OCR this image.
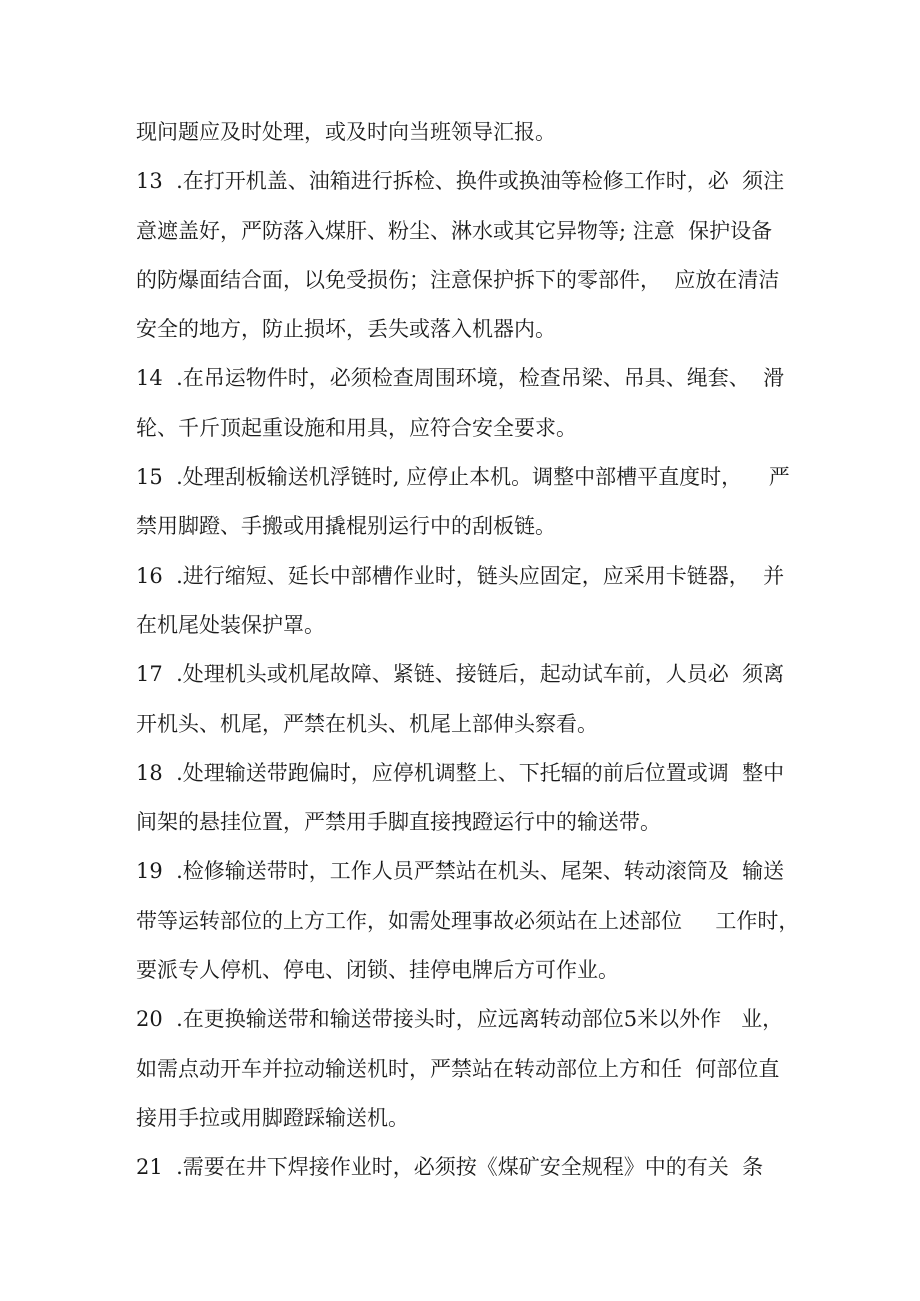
现问题应及时处理，或及时向当班领导汇报。
13  .在打开机盖、油箱进行拆检、换件或换油等检修工作时，必  须注
意遮盖好，严防落入煤肝、粉尘、淋水或其它异物等; 注意  保护设备
的防爆面结合面，以免受损伤；注意保护拆下的零部件，  应放在清洁
安全的地方，防止损坏，丢失或落入机器内。
14  .在吊运物件时，必须检查周围环境，检查吊梁、吊具、绳套、  滑
轮、千斤顶起重设施和用具，应符合安全要求。
15  .处理刮板输送机浮链时, 应停止本机。调整中部槽平直度时，    严
禁用脚蹬、手搬或用撬棍别运行中的刮板链。
16  .进行缩短、延长中部槽作业时，链头应固定，应采用卡链器，  并
在机尾处装保护罩。
17  .处理机头或机尾故障、紧链、接链后，起动试车前，人员必  须离
开机头、机尾，严禁在机头、机尾上部伸头察看。
18  .处理输送带跑偏时，应停机调整上、下托辐的前后位置或调  整中
间架的悬挂位置，严禁用手脚直接拽蹬运行中的输送带。
19  .检修输送带时，工作人员严禁站在机头、尾架、转动滚筒及  输送
带等运转部位的上方工作，如需处理事故必须站在上述部位     工作时，
要派专人停机、停电、闭锁、挂停电牌后方可作业。
20  .在更换输送带和输送带接头时，应远离转动部位5米以外作   业，
如需点动开车并拉动输送机时，严禁站在转动部位上方和任  何部位直
接用手拉或用脚蹬踩输送机。
21  .需要在井下焊接作业时，必须按《煤矿安全规程》中的有关  条
